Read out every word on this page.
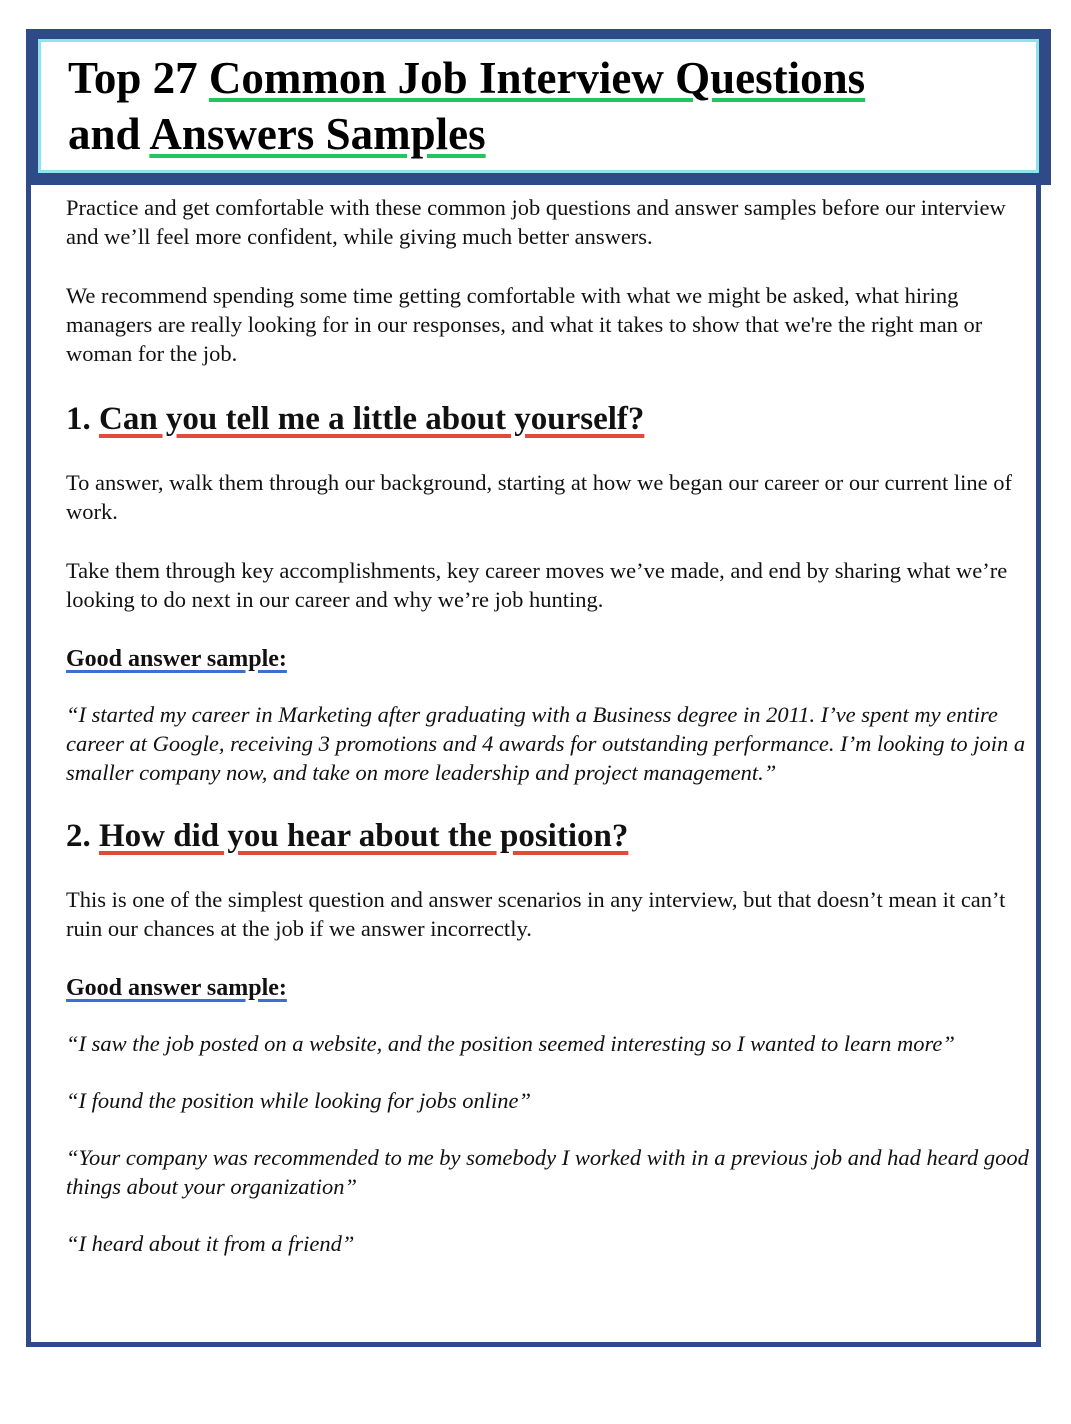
Top 27 Common Job Interview Questions
and Answers Samples

Practice and get comfortable with these common job questions and answer samples before our interview and we’ll feel more confident, while giving much better answers.

We recommend spending some time getting comfortable with what we might be asked, what hiring managers are really looking for in our responses, and what it takes to show that we're the right man or woman for the job.

1. Can you tell me a little about yourself?

To answer, walk them through our background, starting at how we began our career or our current line of work.

Take them through key accomplishments, key career moves we’ve made, and end by sharing what we’re looking to do next in our career and why we’re job hunting.

Good answer sample:

“I started my career in Marketing after graduating with a Business degree in 2011. I’ve spent my entire career at Google, receiving 3 promotions and 4 awards for outstanding performance. I’m looking to join a smaller company now, and take on more leadership and project management.”

2. How did you hear about the position?

This is one of the simplest question and answer scenarios in any interview, but that doesn’t mean it can’t ruin our chances at the job if we answer incorrectly.

Good answer sample:

“I saw the job posted on a website, and the position seemed interesting so I wanted to learn more”

“I found the position while looking for jobs online”

“Your company was recommended to me by somebody I worked with in a previous job and had heard good things about your organization”

“I heard about it from a friend”
